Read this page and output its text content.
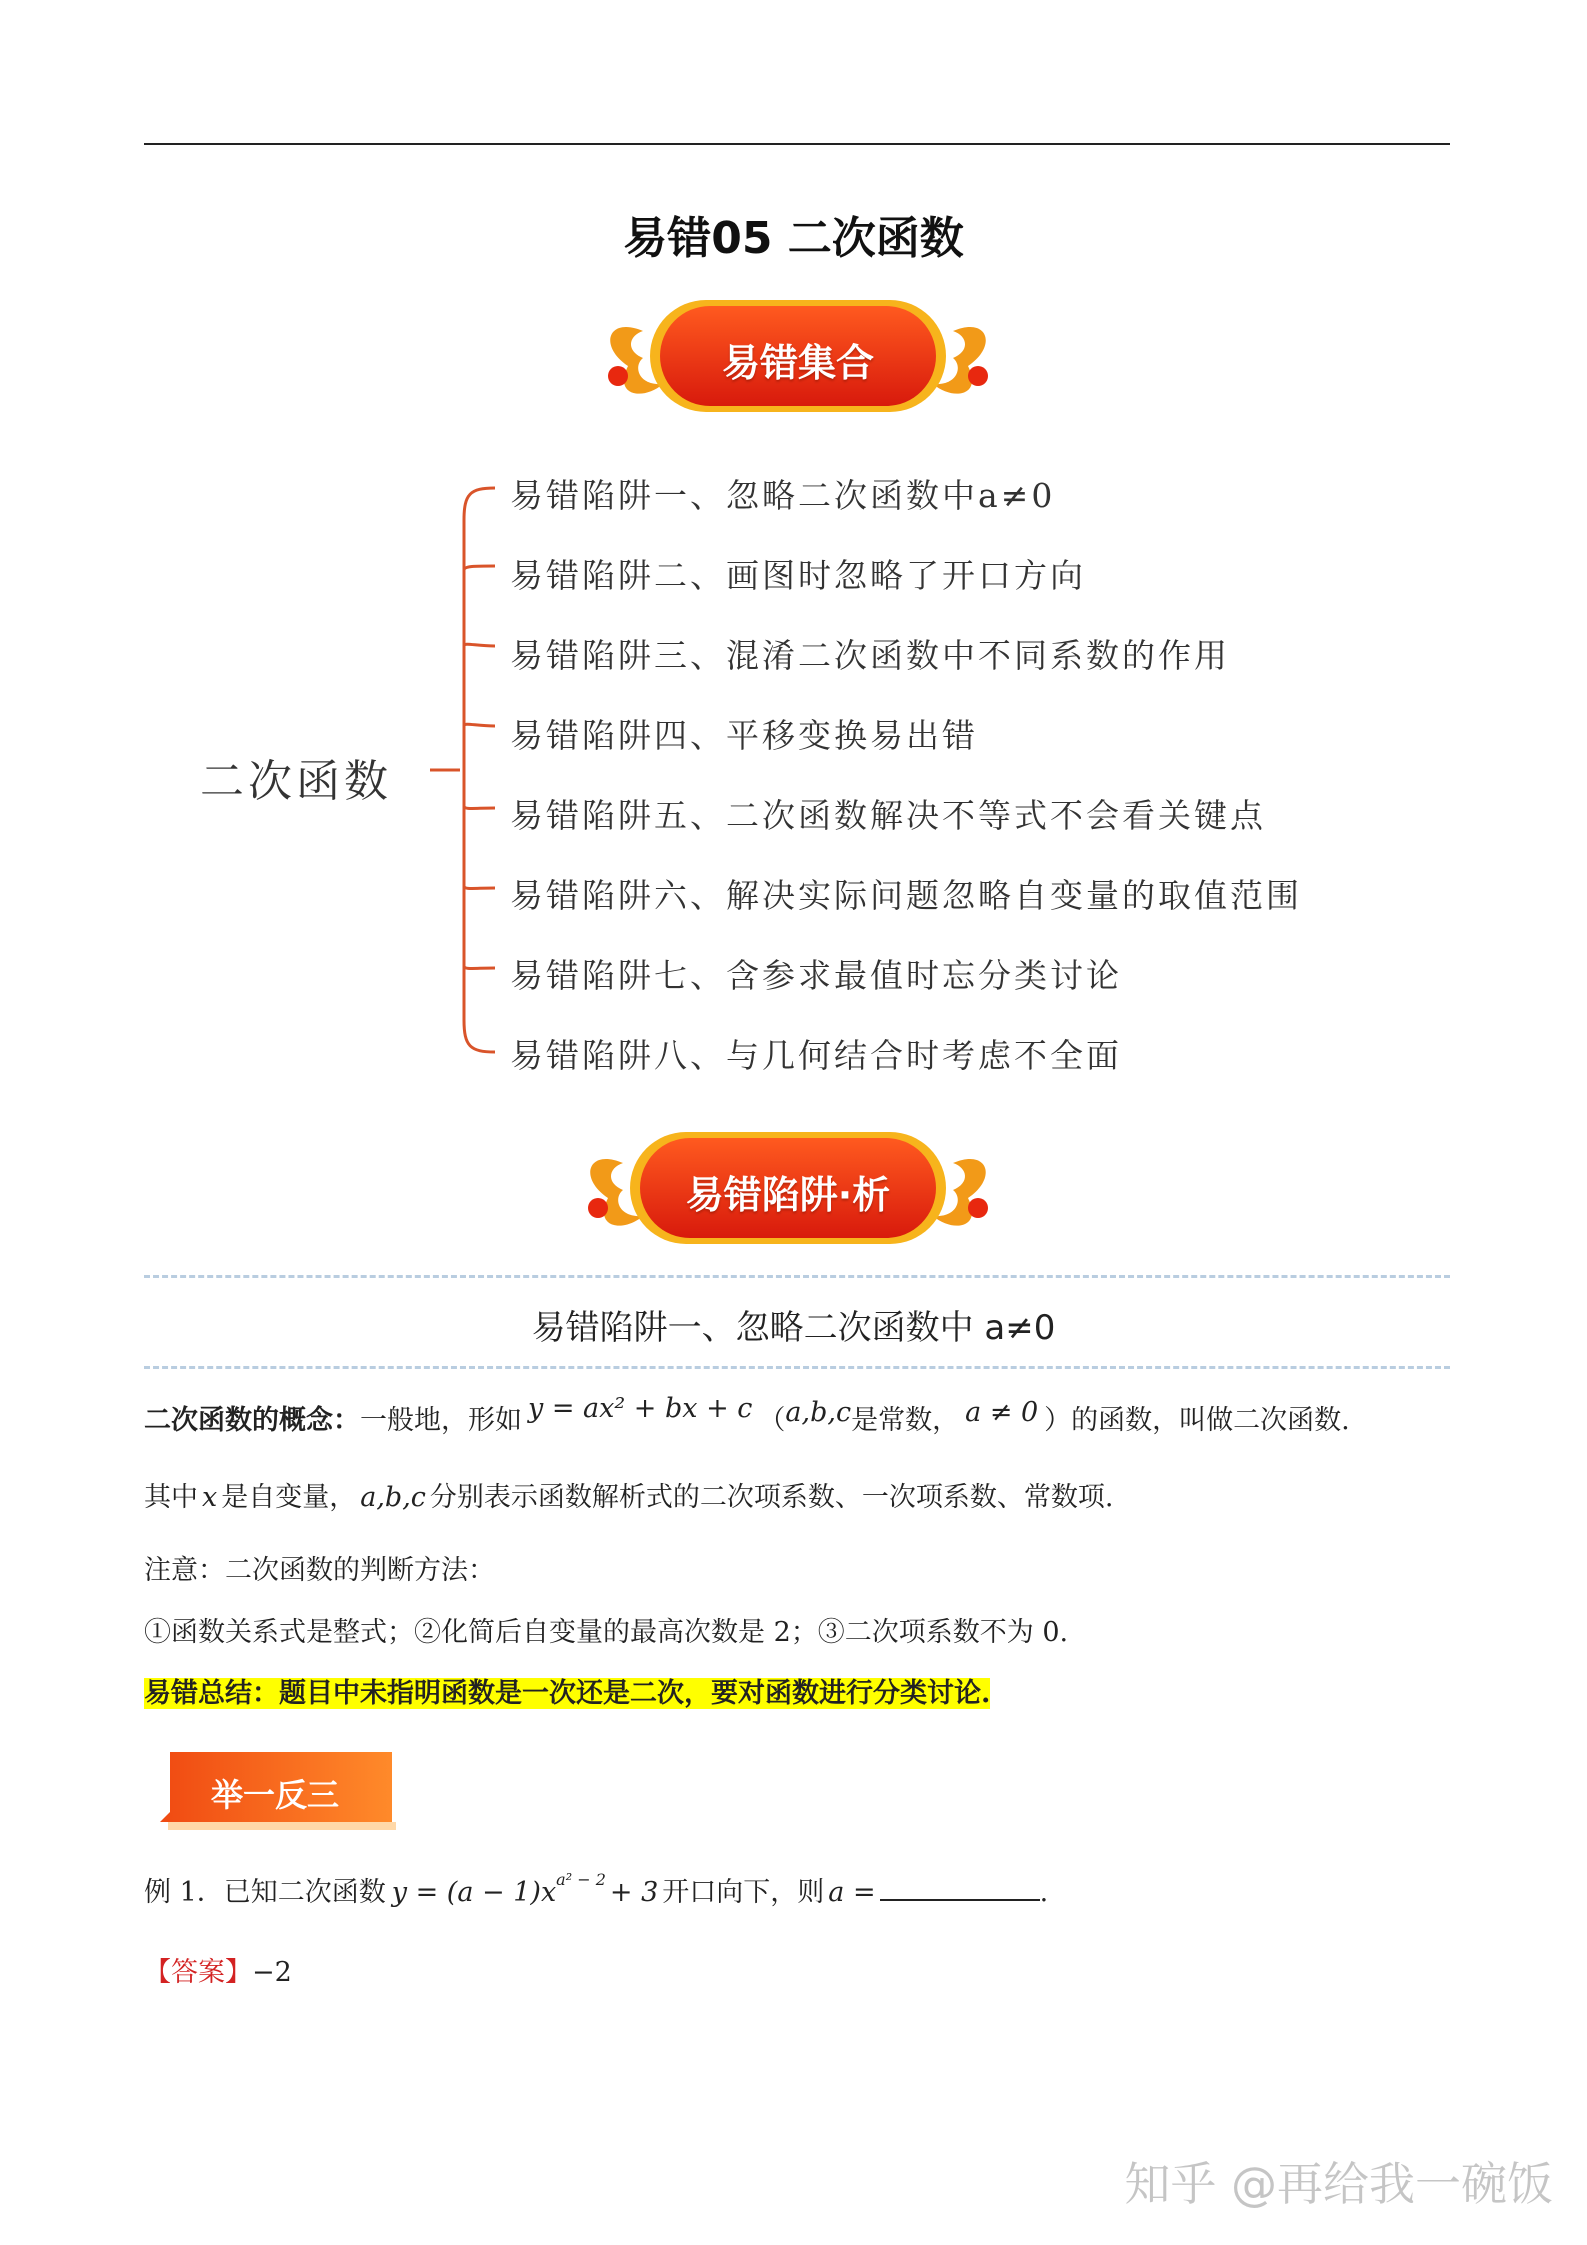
易错05 二次函数
易错集合
二次函数
易错陷阱一、忽略二次函数中a≠0
易错陷阱二、画图时忽略了开口方向
易错陷阱三、混淆二次函数中不同系数的作用
易错陷阱四、平移变换易出错
易错陷阱五、二次函数解决不等式不会看关键点
易错陷阱六、解决实际问题忽略自变量的取值范围
易错陷阱七、含参求最值时忘分类讨论
易错陷阱八、与几何结合时考虑不全面
易错陷阱·析
易错陷阱一、忽略二次函数中 a≠0
二次函数的概念：一般地，形如 y = ax² + bx + c （a,b,c是常数， a ≠ 0 ）的函数，叫做二次函数.
其中 x 是自变量， a,b,c 分别表示函数解析式的二次项系数、一次项系数、常数项.
注意：二次函数的判断方法：
①函数关系式是整式；②化简后自变量的最高次数是 2；③二次项系数不为 0.
易错总结：题目中未指明函数是一次还是二次，要对函数进行分类讨论.
举一反三
例 1．已知二次函数 $y = (a - 1)x^{a^2 - 2} + 3$ 开口向下，则 a =	.
【答案】−2
知乎 @再给我一碗饭
